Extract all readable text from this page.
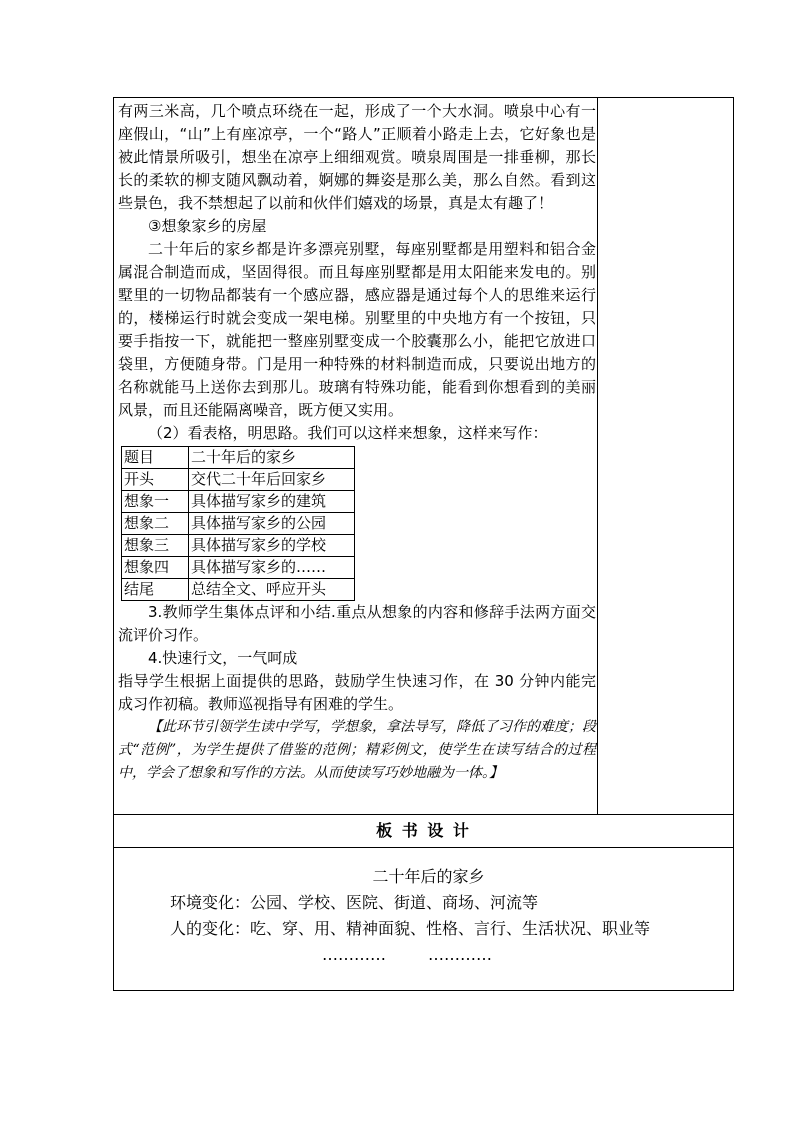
有两三米高，几个喷点环绕在一起，形成了一个大水洞。喷泉中心有一座假山，“山”上有座凉亭，一个“路人”正顺着小路走上去，它好象也是被此情景所吸引，想坐在凉亭上细细观赏。喷泉周围是一排垂柳，那长长的柔软的柳支随风飘动着，婀娜的舞姿是那么美，那么自然。看到这些景色，我不禁想起了以前和伙伴们嬉戏的场景，真是太有趣了！

③想象家乡的房屋

二十年后的家乡都是许多漂亮别墅，每座别墅都是用塑料和铝合金属混合制造而成，坚固得很。而且每座别墅都是用太阳能来发电的。别墅里的一切物品都装有一个感应器，感应器是通过每个人的思维来运行的，楼梯运行时就会变成一架电梯。别墅里的中央地方有一个按钮，只要手指按一下，就能把一整座别墅变成一个胶囊那么小，能把它放进口袋里，方便随身带。门是用一种特殊的材料制造而成，只要说出地方的名称就能马上送你去到那儿。玻璃有特殊功能，能看到你想看到的美丽风景，而且还能隔离噪音，既方便又实用。

（2）看表格，明思路。我们可以这样来想象，这样来写作：

题目	二十年后的家乡
开头	交代二十年后回家乡
想象一	具体描写家乡的建筑
想象二	具体描写家乡的公园
想象三	具体描写家乡的学校
想象四	具体描写家乡的……
结尾	总结全文、呼应开头

3.教师学生集体点评和小结.重点从想象的内容和修辞手法两方面交流评价习作。

4.快速行文，一气呵成

指导学生根据上面提供的思路，鼓励学生快速习作，在 30 分钟内能完成习作初稿。教师巡视指导有困难的学生。

【此环节引领学生读中学写，学想象，拿法导写，降低了习作的难度；段式“范例”，为学生提供了借鉴的范例；精彩例文，使学生在读写结合的过程中，学会了想象和写作的方法。从而使读写巧妙地融为一体。】

板 书 设 计
二十年后的家乡
环境变化：公园、学校、医院、街道、商场、河流等
人的变化：吃、穿、用、精神面貌、性格、言行、生活状况、职业等
…………	…………
